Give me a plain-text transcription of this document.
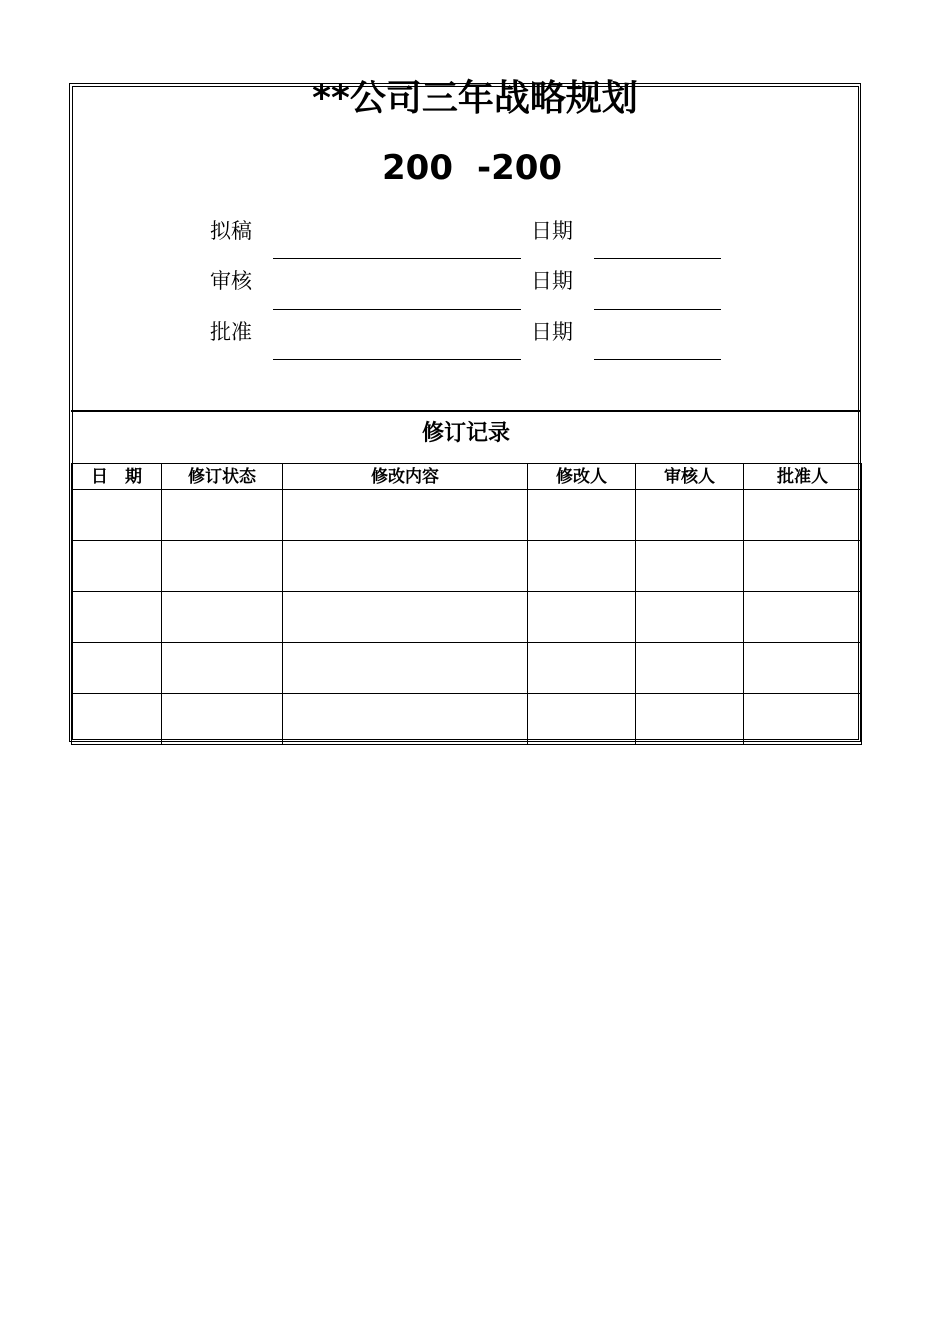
**公司三年战略规划
200 -200
拟稿	日期
审核	日期
批准	日期
修订记录
日　期	修订状态	修改内容	修改人	审核人	批准人
